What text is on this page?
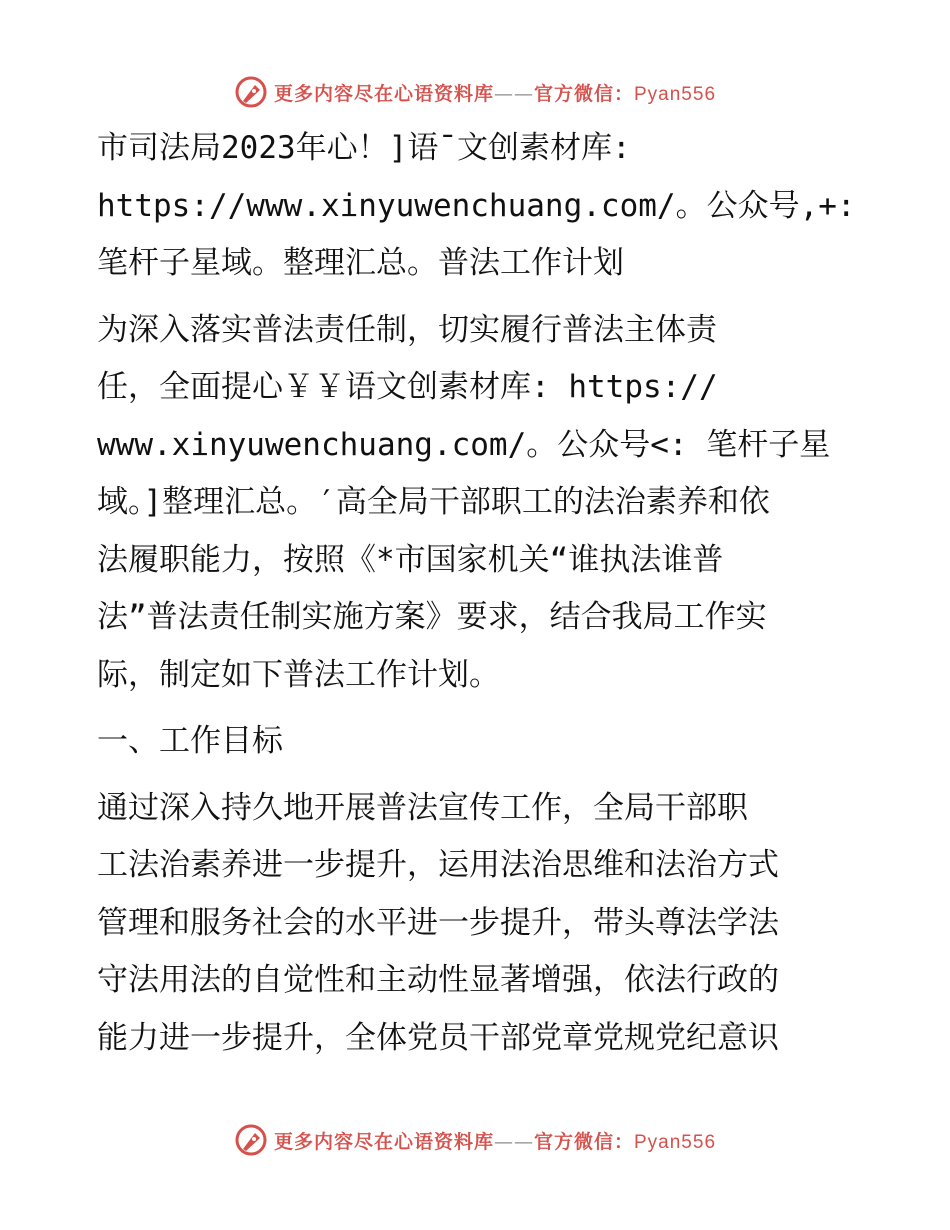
更多内容尽在心语资料库——官方微信：Pyan556

市司法局2023年心！]语¯文创素材库:
https://www.xinyuwenchuang.com/。公众号,+:
笔杆子星域。整理汇总。普法工作计划

为深入落实普法责任制，切实履行普法主体责
任，全面提心￥￥语文创素材库: https://
www.xinyuwenchuang.com/。公众号<: 笔杆子星
域。]整理汇总。′高全局干部职工的法治素养和依
法履职能力，按照《*市国家机关“谁执法谁普
法”普法责任制实施方案》要求，结合我局工作实
际，制定如下普法工作计划。

一、工作目标

通过深入持久地开展普法宣传工作，全局干部职
工法治素养进一步提升，运用法治思维和法治方式
管理和服务社会的水平进一步提升，带头尊法学法
守法用法的自觉性和主动性显著增强，依法行政的
能力进一步提升，全体党员干部党章党规党纪意识

更多内容尽在心语资料库——官方微信：Pyan556
